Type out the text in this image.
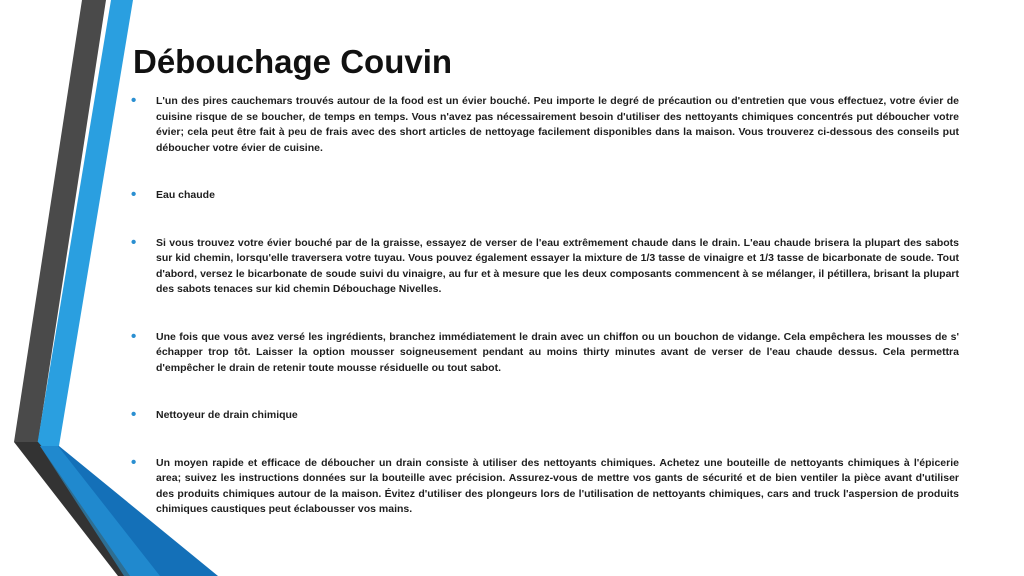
Débouchage Couvin
• L'un des pires cauchemars trouvés autour de la food est un évier bouché. Peu importe le degré de précaution ou d'entretien que vous effectuez, votre évier de cuisine risque de se boucher, de temps en temps. Vous n'avez pas nécessairement besoin d'utiliser des nettoyants chimiques concentrés put déboucher votre évier; cela peut être fait à peu de frais avec des short articles de nettoyage facilement disponibles dans la maison. Vous trouverez ci-dessous des conseils put déboucher votre évier de cuisine.
• Eau chaude
• Si vous trouvez votre évier bouché par de la graisse, essayez de verser de l'eau extrêmement chaude dans le drain. L'eau chaude brisera la plupart des sabots sur kid chemin, lorsqu'elle traversera votre tuyau. Vous pouvez également essayer la mixture de 1/3 tasse de vinaigre et 1/3 tasse de bicarbonate de soude. Tout d'abord, versez le bicarbonate de soude suivi du vinaigre, au fur et à mesure que les deux composants commencent à se mélanger, il pétillera, brisant la plupart des sabots tenaces sur kid chemin Débouchage Nivelles.
• Une fois que vous avez versé les ingrédients, branchez immédiatement le drain avec un chiffon ou un bouchon de vidange. Cela empêchera les mousses de s' échapper trop tôt. Laisser la option mousser soigneusement pendant au moins thirty minutes avant de verser de l'eau chaude dessus. Cela permettra d'empêcher le drain de retenir toute mousse résiduelle ou tout sabot.
• Nettoyeur de drain chimique
• Un moyen rapide et efficace de déboucher un drain consiste à utiliser des nettoyants chimiques. Achetez une bouteille de nettoyants chimiques à l'épicerie area; suivez les instructions données sur la bouteille avec précision. Assurez-vous de mettre vos gants de sécurité et de bien ventiler la pièce avant d'utiliser des produits chimiques autour de la maison. Évitez d'utiliser des plongeurs lors de l'utilisation de nettoyants chimiques, cars and truck l'aspersion de produits chimiques caustiques peut éclabousser vos mains.
